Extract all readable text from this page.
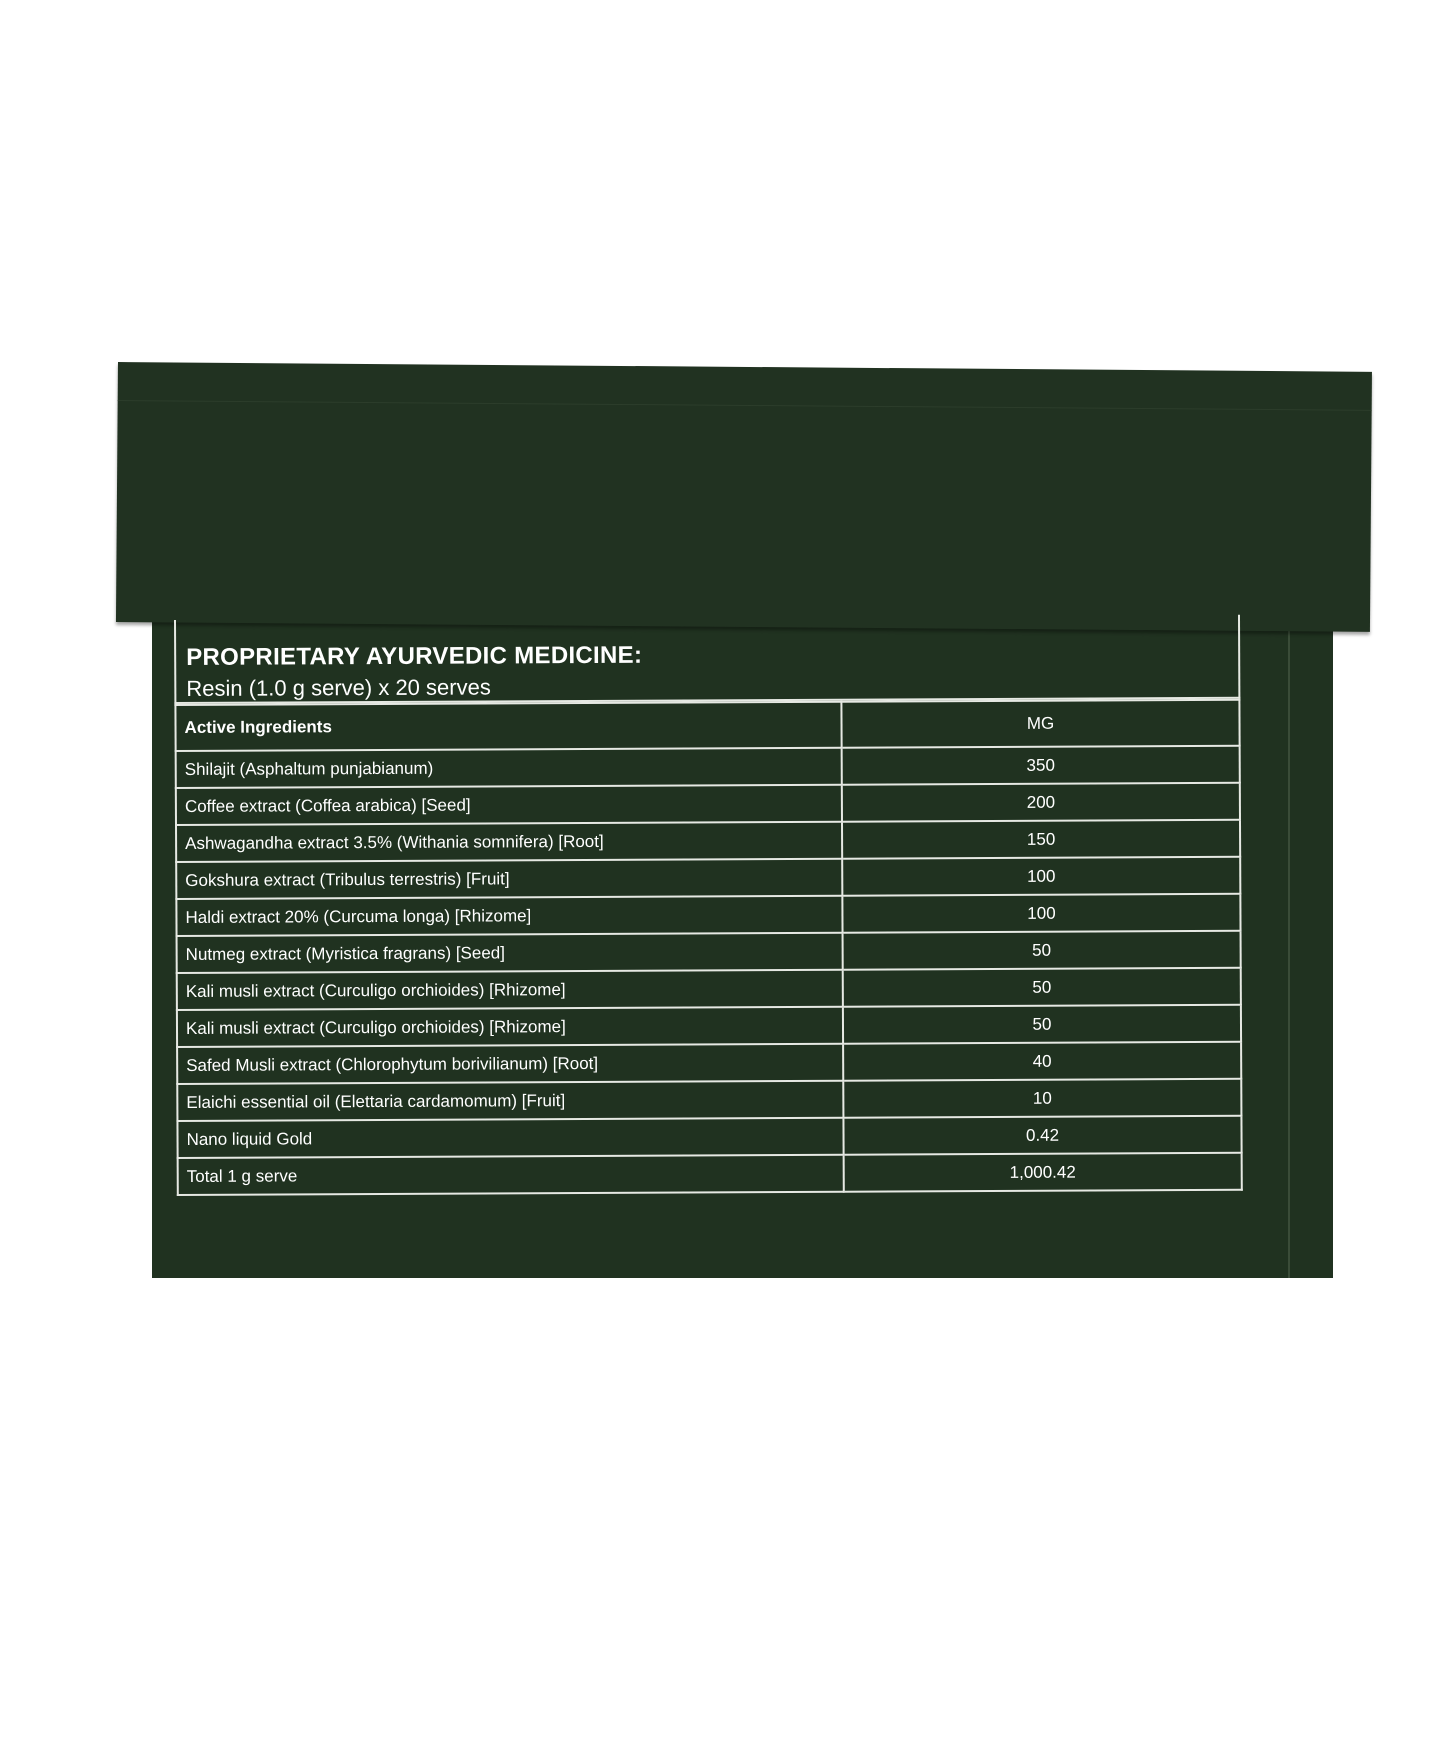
PROPRIETARY AYURVEDIC MEDICINE:
Resin (1.0 g serve) x 20 serves
Active Ingredients	MG
Shilajit (Asphaltum punjabianum)	350
Coffee extract (Coffea arabica) [Seed]	200
Ashwagandha extract 3.5% (Withania somnifera) [Root]	150
Gokshura extract (Tribulus terrestris) [Fruit]	100
Haldi extract 20% (Curcuma longa) [Rhizome]	100
Nutmeg extract (Myristica fragrans) [Seed]	50
Kali musli extract (Curculigo orchioides) [Rhizome]	50
Kali musli extract (Curculigo orchioides) [Rhizome]	50
Safed Musli extract (Chlorophytum borivilianum) [Root]	40
Elaichi essential oil (Elettaria cardamomum) [Fruit]	10
Nano liquid Gold	0.42
Total 1 g serve	1,000.42
